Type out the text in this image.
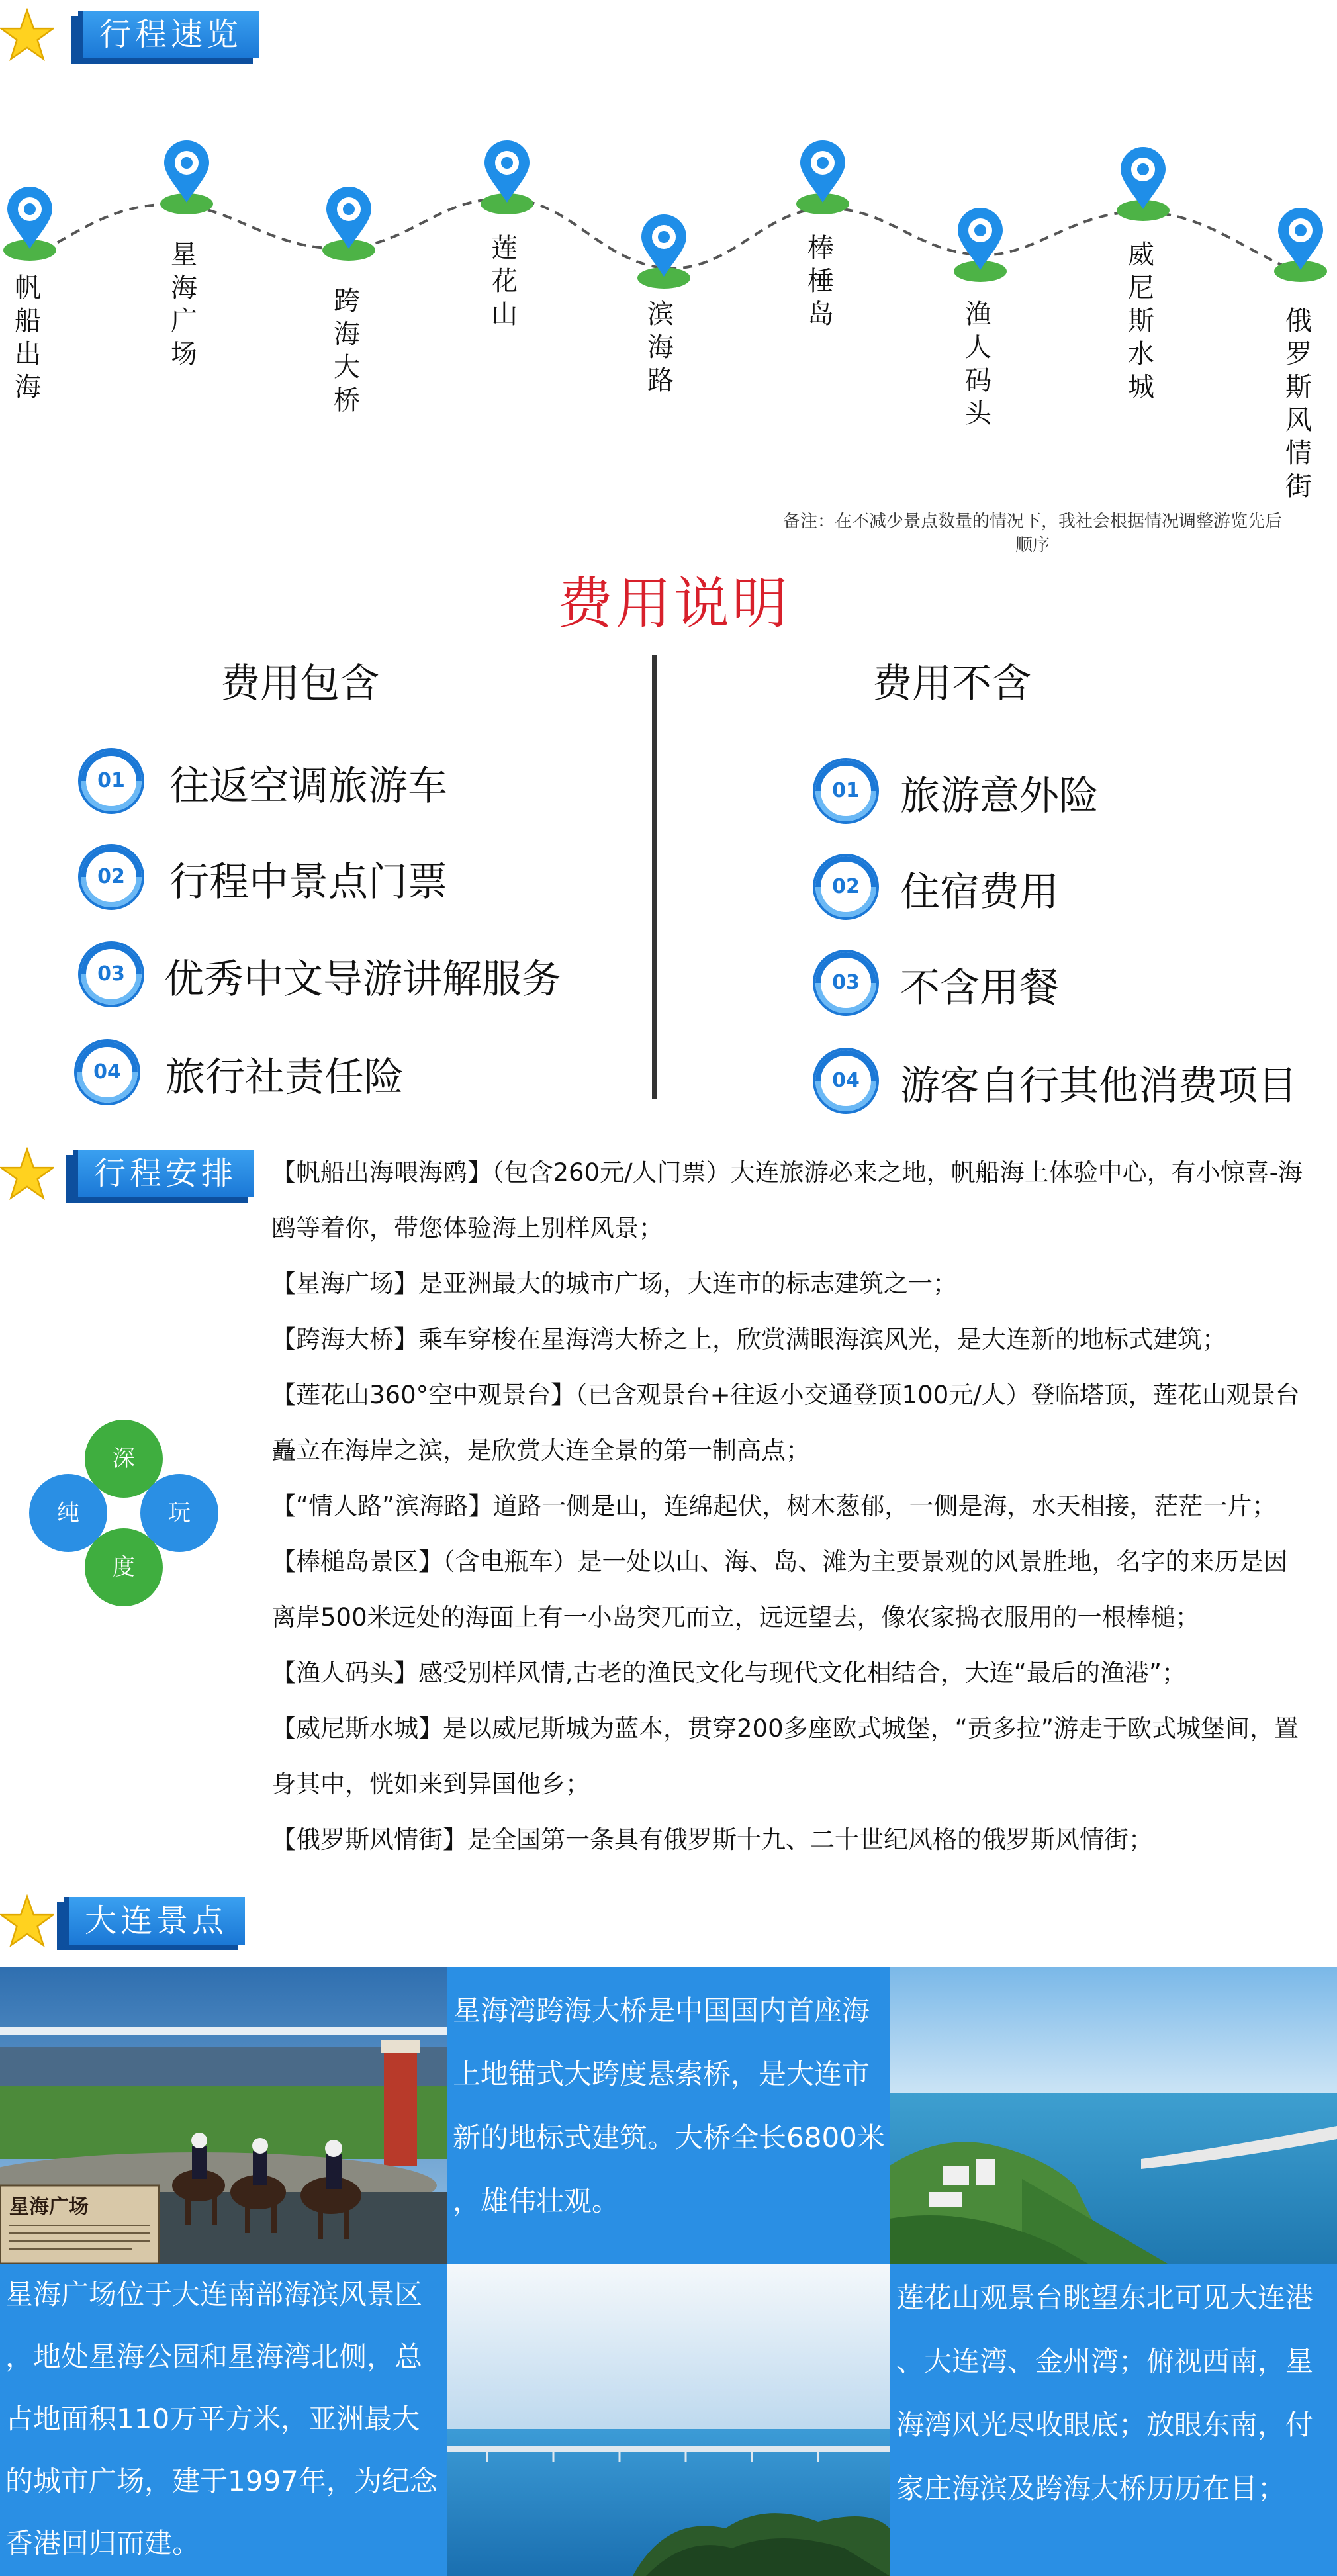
行程速览
帆船出海
星海广场
跨海大桥
莲花山	滨海路
棒棰岛	渔人码头
威尼斯水城
俄罗斯风情街
备注：在不减少景点数量的情况下，我社会根据情况调整游览先后
顺序
费用说明
费用包含	费用不含
01	往返空调旅游车
02	行程中景点门票
03 优秀中文导游讲解服务
04	旅行社责任险
01	旅游意外险
02	住宿费用
03	不含用餐
04	游客自行其他消费项目
行程安排
深
纯	玩
度

【帆船出海喂海鸥】（包含260元/人门票）大连旅游必来之地，帆船海上体验中心，有小惊喜-海

鸥等着你，带您体验海上别样风景；

【星海广场】是亚洲最大的城市广场，大连市的标志建筑之一；

【跨海大桥】乘车穿梭在星海湾大桥之上，欣赏满眼海滨风光，是大连新的地标式建筑；

【莲花山360°空中观景台】（已含观景台+往返小交通登顶100元/人）登临塔顶，莲花山观景台

矗立在海岸之滨，是欣赏大连全景的第一制高点；

【“情人路”滨海路】道路一侧是山，连绵起伏，树木葱郁，一侧是海，水天相接，茫茫一片；

【棒槌岛景区】（含电瓶车）是一处以山、海、岛、滩为主要景观的风景胜地，名字的来历是因

离岸500米远处的海面上有一小岛突兀而立，远远望去，像农家捣衣服用的一根棒槌；

【渔人码头】感受别样风情,古老的渔民文化与现代文化相结合，大连“最后的渔港”；

【威尼斯水城】是以威尼斯城为蓝本，贯穿200多座欧式城堡，“贡多拉”游走于欧式城堡间，置

身其中，恍如来到异国他乡；

【俄罗斯风情街】是全国第一条具有俄罗斯十九、二十世纪风格的俄罗斯风情街；

大连景点
星海广场
星海湾跨海大桥是中国国内首座海
上地锚式大跨度悬索桥，是大连市
新的地标式建筑。大桥全长6800米
，雄伟壮观。
星海广场位于大连南部海滨风景区
，地处星海公园和星海湾北侧，总
占地面积110万平方米，亚洲最大
的城市广场，建于1997年，为纪念
香港回归而建。
莲花山观景台眺望东北可见大连港
、大连湾、金州湾；俯视西南，星
海湾风光尽收眼底；放眼东南，付
家庄海滨及跨海大桥历历在目；
